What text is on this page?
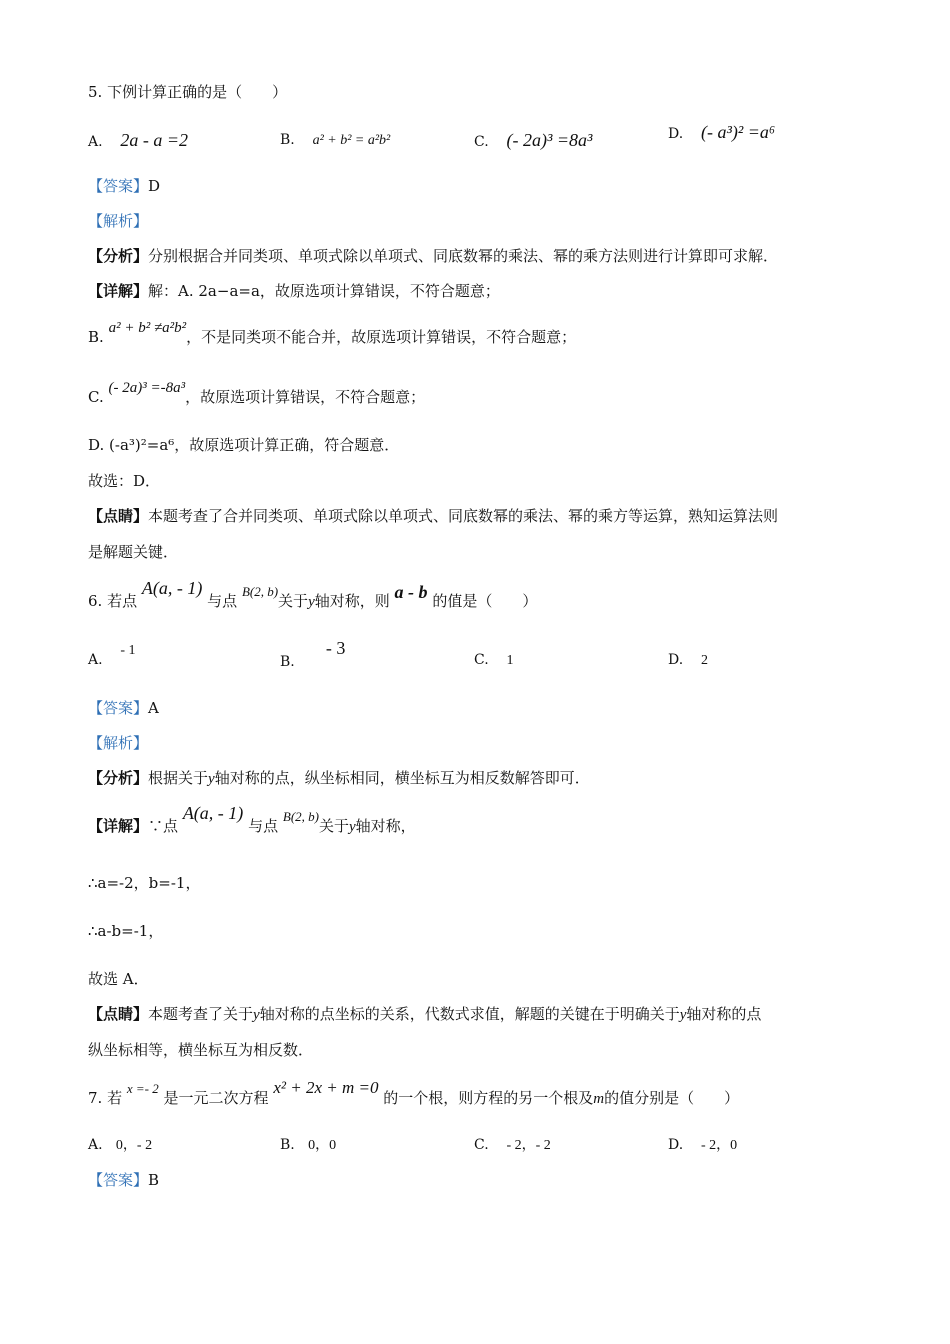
5. 下例计算正确的是（　　）
A. 2a - a =2	B. a² + b² = a²b²	C. (- 2a)³ =8a³	D. (- a³)² =a⁶
【答案】D
【解析】
【分析】分别根据合并同类项、单项式除以单项式、同底数幂的乘法、幂的乘方法则进行计算即可求解．
【详解】解：A. 2a−a=a，故原选项计算错误，不符合题意；
B. a² + b² ≠a²b²，不是同类项不能合并，故原选项计算错误，不符合题意；
C. (- 2a)³ =-8a³，故原选项计算错误，不符合题意；
D. (-a³)²=a⁶，故原选项计算正确，符合题意．
故选：D．
【点睛】本题考查了合并同类项、单项式除以单项式、同底数幂的乘法、幂的乘方等运算，熟知运算法则
是解题关键．
6. 若点 A(a, - 1) 与点 B(2, b)关于y轴对称，则 a - b 的值是（　　）
A.    - 1
B.       - 3
C. 1	D. 2
【答案】A
【解析】
【分析】根据关于y轴对称的点，纵坐标相同，横坐标互为相反数解答即可．
【详解】∵点 A(a, - 1) 与点 B(2, b)关于y轴对称，
∴a=-2，b=-1，
∴a-b=-1，
故选 A．
【点睛】本题考查了关于y轴对称的点坐标的关系，代数式求值，解题的关键在于明确关于y轴对称的点
纵坐标相等，横坐标互为相反数．
7. 若 x =- 2 是一元二次方程 x² + 2x + m =0 的一个根，则方程的另一个根及m的值分别是（　　）
A. 0，- 2	B. 0，0	C. - 2，- 2	D. - 2，0
【答案】B
